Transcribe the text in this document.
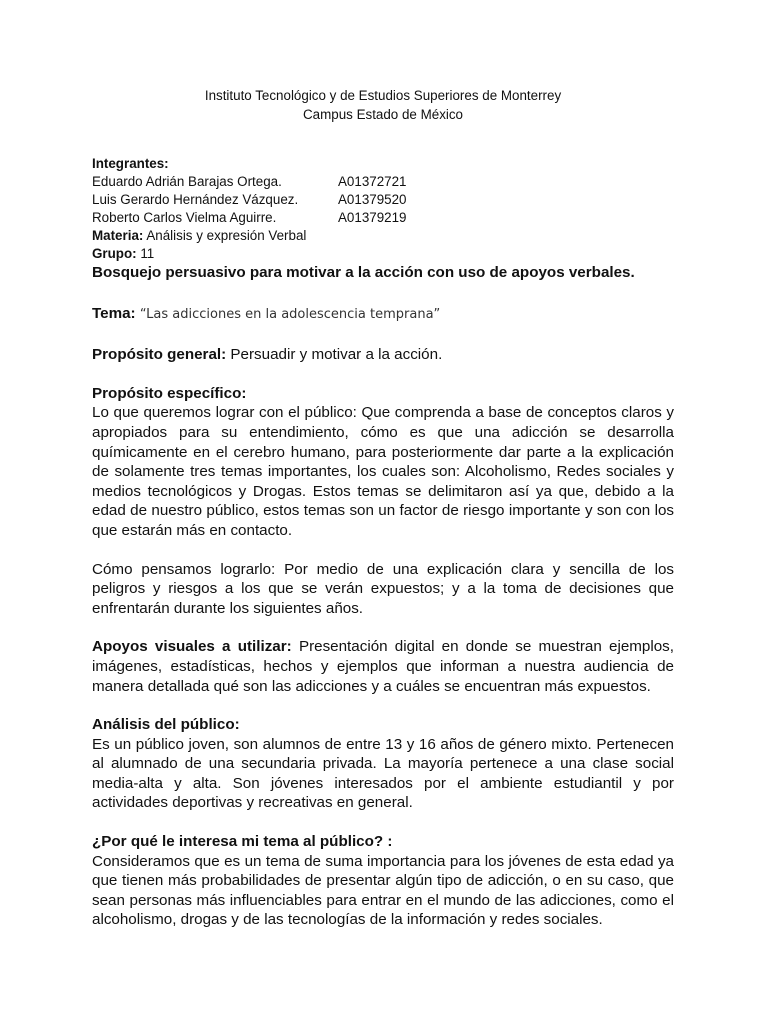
Instituto Tecnológico y de Estudios Superiores de Monterrey
Campus Estado de México
Integrantes:
Eduardo Adrián Barajas Ortega.	A01372721
Luis Gerardo Hernández Vázquez.	A01379520
Roberto Carlos Vielma Aguirre.	A01379219
Materia: Análisis y expresión Verbal
Grupo: 11
Bosquejo persuasivo para motivar a la acción con uso de apoyos verbales.
Tema: “Las adicciones en la adolescencia temprana”
Propósito general: Persuadir y motivar a la acción.
Propósito específico:
Lo que queremos lograr con el público: Que comprenda a base de conceptos claros y apropiados para su entendimiento, cómo es que una adicción se desarrolla químicamente en el cerebro humano, para posteriormente dar parte a la explicación de solamente tres temas importantes, los cuales son: Alcoholismo, Redes sociales y medios tecnológicos y Drogas. Estos temas se delimitaron así ya que, debido a la edad de nuestro público, estos temas son un factor de riesgo importante y son con los que estarán más en contacto.
Cómo pensamos lograrlo: Por medio de una explicación clara y sencilla de los peligros y riesgos a los que se verán expuestos; y a la toma de decisiones que enfrentarán durante los siguientes años.
Apoyos visuales a utilizar: Presentación digital en donde se muestran ejemplos, imágenes, estadísticas, hechos y ejemplos que informan a nuestra audiencia de manera detallada qué son las adicciones y a cuáles se encuentran más expuestos.
Análisis del público:
Es un público joven, son alumnos de entre 13 y 16 años de género mixto. Pertenecen al alumnado de una secundaria privada. La mayoría pertenece a una clase social media-alta y alta. Son jóvenes interesados por el ambiente estudiantil y por actividades deportivas y recreativas en general.
¿Por qué le interesa mi tema al público? :
Consideramos que es un tema de suma importancia para los jóvenes de esta edad ya que tienen más probabilidades de presentar algún tipo de adicción, o en su caso, que sean personas más influenciables para entrar en el mundo de las adicciones, como el alcoholismo, drogas y de las tecnologías de la información y redes sociales.
